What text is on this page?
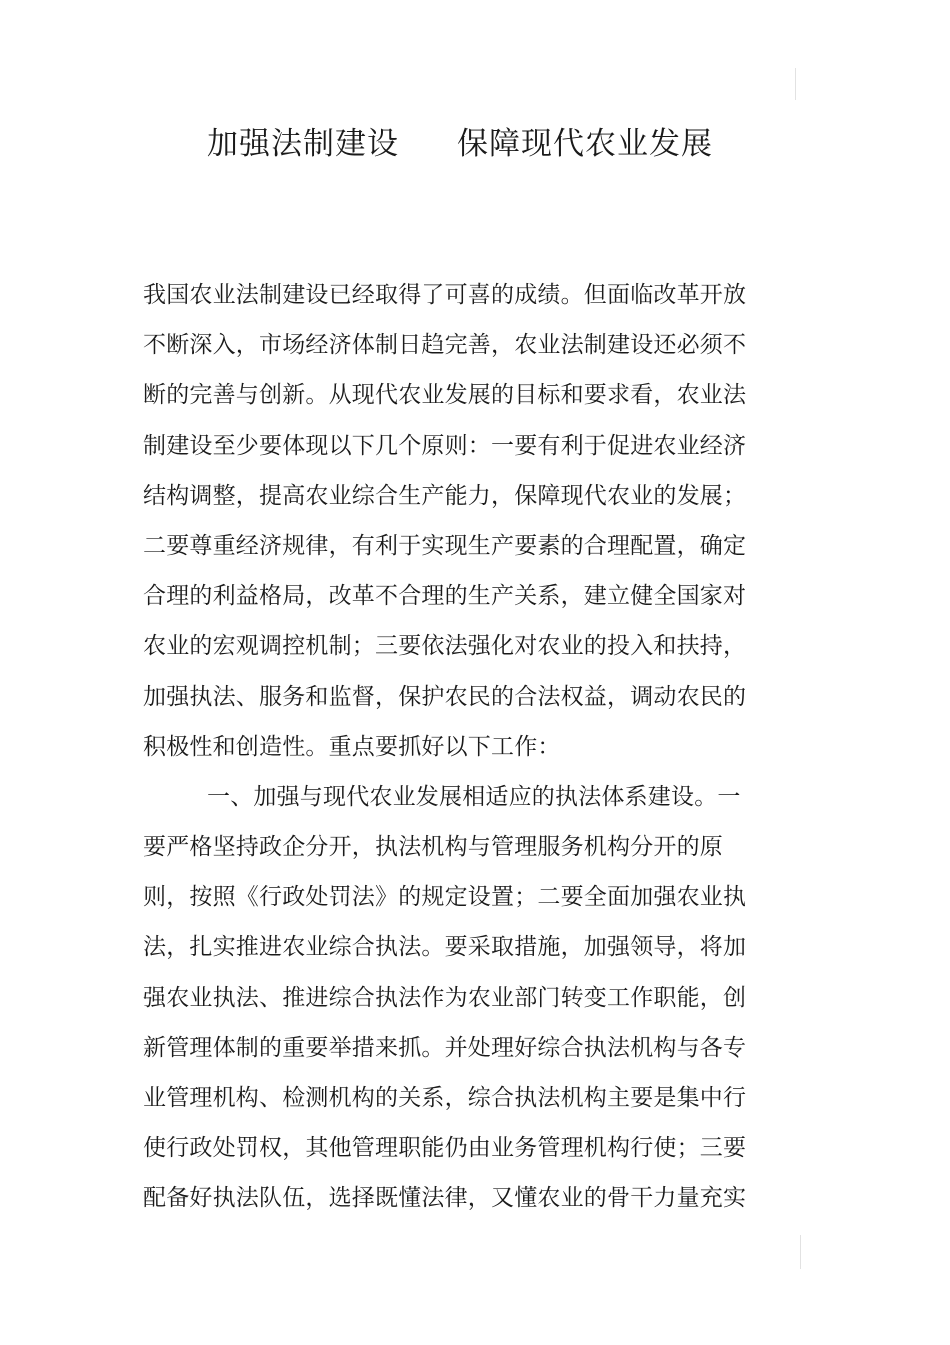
加强法制建设 保障现代农业发展
我国农业法制建设已经取得了可喜的成绩。但面临改革开放
不断深入，市场经济体制日趋完善，农业法制建设还必须不
断的完善与创新。从现代农业发展的目标和要求看，农业法
制建设至少要体现以下几个原则：一要有利于促进农业经济
结构调整，提高农业综合生产能力，保障现代农业的发展；
二要尊重经济规律，有利于实现生产要素的合理配置，确定
合理的利益格局，改革不合理的生产关系，建立健全国家对
农业的宏观调控机制；三要依法强化对农业的投入和扶持，
加强执法、服务和监督，保护农民的合法权益，调动农民的
积极性和创造性。重点要抓好以下工作：
一、加强与现代农业发展相适应的执法体系建设。一
要严格坚持政企分开，执法机构与管理服务机构分开的原
则，按照《行政处罚法》的规定设置；二要全面加强农业执
法，扎实推进农业综合执法。要采取措施，加强领导，将加
强农业执法、推进综合执法作为农业部门转变工作职能，创
新管理体制的重要举措来抓。并处理好综合执法机构与各专
业管理机构、检测机构的关系，综合执法机构主要是集中行
使行政处罚权，其他管理职能仍由业务管理机构行使；三要
配备好执法队伍，选择既懂法律，又懂农业的骨干力量充实
